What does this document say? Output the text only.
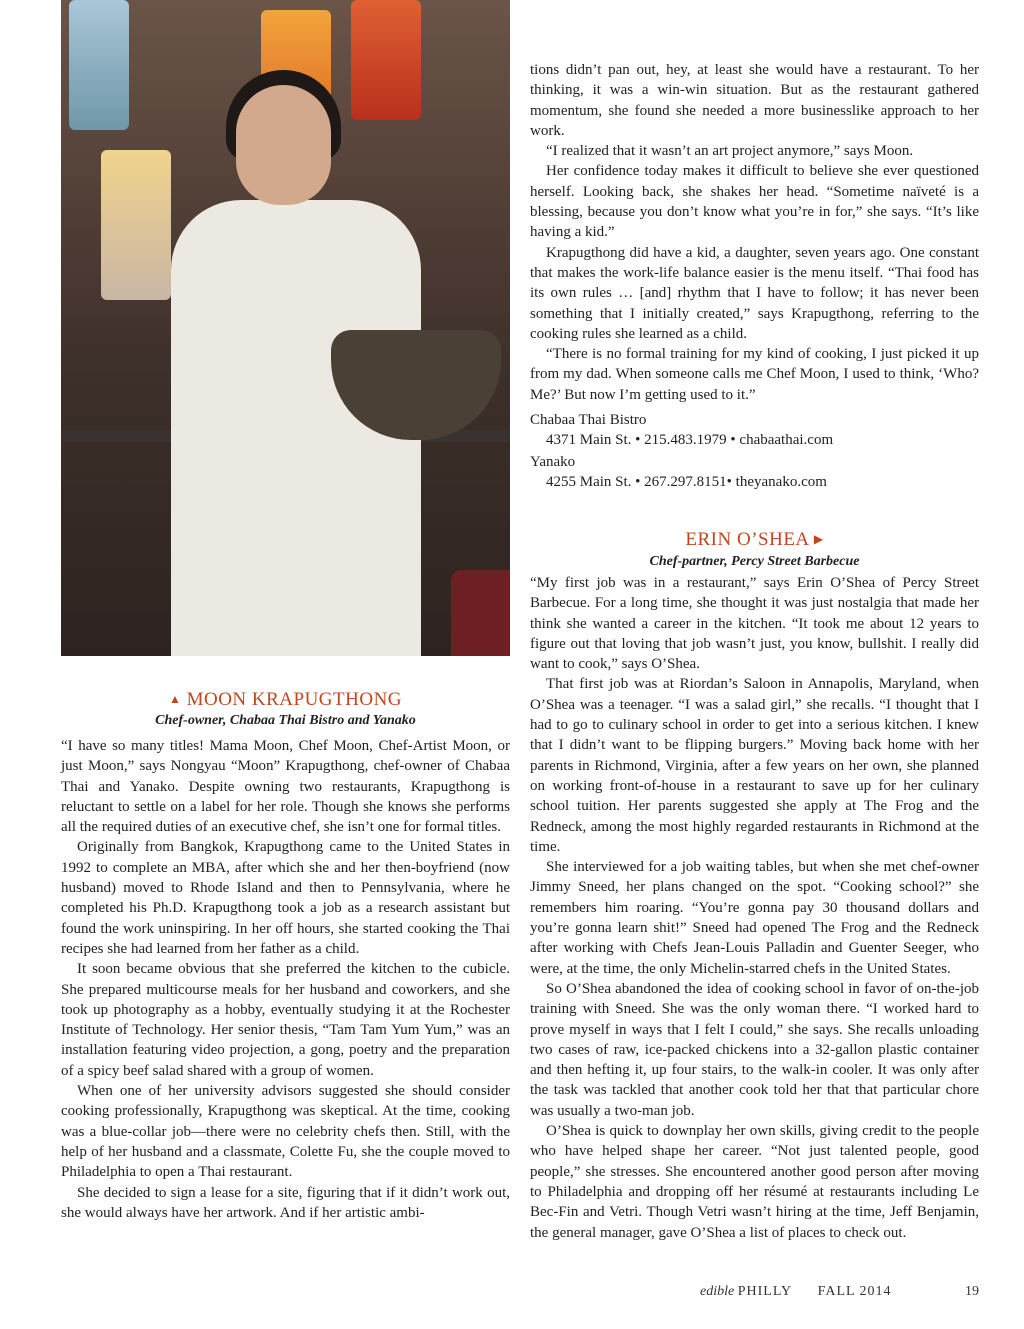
▲ MOON KRAPUGTHONG
Chef-owner, Chabaa Thai Bistro and Yanako

“I have so many titles! Mama Moon, Chef Moon, Chef-Artist Moon, or just Moon,” says Nongyau “Moon” Krapugthong, chef-owner of Chabaa Thai and Yanako. Despite owning two restaurants, Krapugthong is reluctant to settle on a label for her role. Though she knows she performs all the required duties of an executive chef, she isn’t one for formal titles.

Originally from Bangkok, Krapugthong came to the United States in 1992 to complete an MBA, after which she and her then-boyfriend (now husband) moved to Rhode Island and then to Pennsylvania, where he completed his Ph.D. Krapugthong took a job as a research assistant but found the work uninspiring. In her off hours, she started cooking the Thai recipes she had learned from her father as a child.

It soon became obvious that she preferred the kitchen to the cubicle. She prepared multicourse meals for her husband and coworkers, and she took up photography as a hobby, eventually studying it at the Rochester Institute of Technology. Her senior thesis, “Tam Tam Yum Yum,” was an installation featuring video projection, a gong, poetry and the preparation of a spicy beef salad shared with a group of women.

When one of her university advisors suggested she should consider cooking professionally, Krapugthong was skeptical. At the time, cooking was a blue-collar job—there were no celebrity chefs then. Still, with the help of her husband and a classmate, Colette Fu, she the couple moved to Philadelphia to open a Thai restaurant.

She decided to sign a lease for a site, figuring that if it didn’t work out, she would always have her artwork. And if her artistic ambi-

tions didn’t pan out, hey, at least she would have a restaurant. To her thinking, it was a win-win situation. But as the restaurant gathered momentum, she found she needed a more businesslike approach to her work.

“I realized that it wasn’t an art project anymore,” says Moon.

Her confidence today makes it difficult to believe she ever questioned herself. Looking back, she shakes her head. “Sometime naïveté is a blessing, because you don’t know what you’re in for,” she says. “It’s like having a kid.”

Krapugthong did have a kid, a daughter, seven years ago. One constant that makes the work-life balance easier is the menu itself. “Thai food has its own rules … [and] rhythm that I have to follow; it has never been something that I initially created,” says Krapugthong, referring to the cooking rules she learned as a child.

“There is no formal training for my kind of cooking, I just picked it up from my dad. When someone calls me Chef Moon, I used to think, ‘Who? Me?’ But now I’m getting used to it.”

Chabaa Thai Bistro
4371 Main St. • 215.483.1979 • chabaathai.com
Yanako
4255 Main St. • 267.297.8151• theyanako.com
ERIN O’SHEA ▶
Chef-partner, Percy Street Barbecue

“My first job was in a restaurant,” says Erin O’Shea of Percy Street Barbecue. For a long time, she thought it was just nostalgia that made her think she wanted a career in the kitchen. “It took me about 12 years to figure out that loving that job wasn’t just, you know, bullshit. I really did want to cook,” says O’Shea.

That first job was at Riordan’s Saloon in Annapolis, Maryland, when O’Shea was a teenager. “I was a salad girl,” she recalls. “I thought that I had to go to culinary school in order to get into a serious kitchen. I knew that I didn’t want to be flipping burgers.” Moving back home with her parents in Richmond, Virginia, after a few years on her own, she planned on working front-of-house in a restaurant to save up for her culinary school tuition. Her parents suggested she apply at The Frog and the Redneck, among the most highly regarded restaurants in Richmond at the time.

She interviewed for a job waiting tables, but when she met chef-owner Jimmy Sneed, her plans changed on the spot. “Cooking school?” she remembers him roaring. “You’re gonna pay 30 thousand dollars and you’re gonna learn shit!” Sneed had opened The Frog and the Redneck after working with Chefs Jean-Louis Palladin and Guenter Seeger, who were, at the time, the only Michelin-starred chefs in the United States.

So O’Shea abandoned the idea of cooking school in favor of on-the-job training with Sneed. She was the only woman there. “I worked hard to prove myself in ways that I felt I could,” she says. She recalls unloading two cases of raw, ice-packed chickens into a 32-gallon plastic container and then hefting it, up four stairs, to the walk-in cooler. It was only after the task was tackled that another cook told her that that particular chore was usually a two-man job.

O’Shea is quick to downplay her own skills, giving credit to the people who have helped shape her career. “Not just talented people, good people,” she stresses. She encountered another good person after moving to Philadelphia and dropping off her résumé at restaurants including Le Bec-Fin and Vetri. Though Vetri wasn’t hiring at the time, Jeff Benjamin, the general manager, gave O’Shea a list of places to check out.

edible PHILLY FALL 2014	19
